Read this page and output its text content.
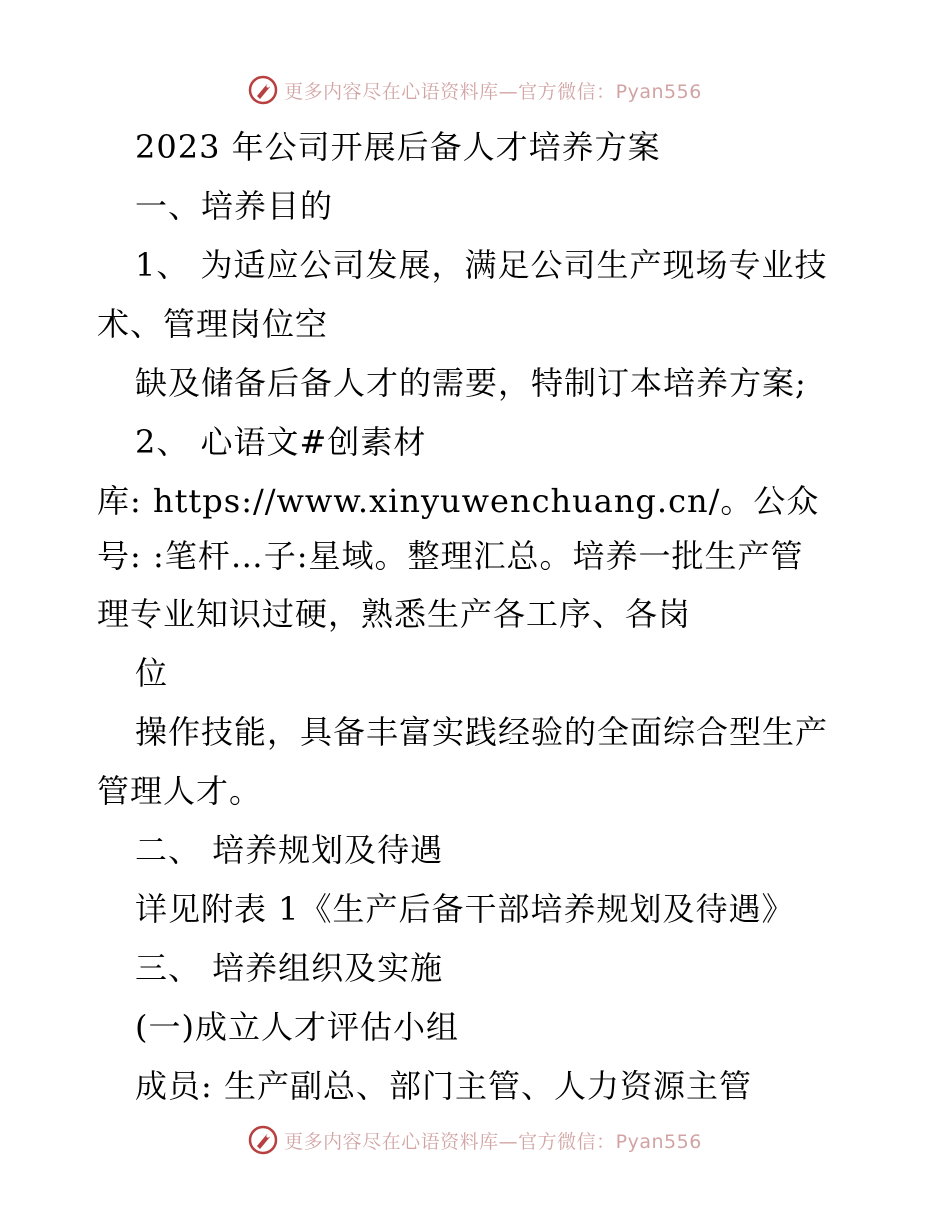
更多内容尽在心语资料库—官方微信：Pyan556
2023 年公司开展后备人才培养方案
一、培养目的
1、 为适应公司发展，满足公司生产现场专业技
术、管理岗位空
缺及储备后备人才的需要，特制订本培养方案;
2、 心语文#创素材
库: https://www.xinyuwenchuang.cn/。公众
号: :笔杆…子:星域。整理汇总。培养一批生产管
理专业知识过硬，熟悉生产各工序、各岗
位
操作技能，具备丰富实践经验的全面综合型生产
管理人才。
二、 培养规划及待遇
详见附表 1《生产后备干部培养规划及待遇》
三、 培养组织及实施
(一)成立人才评估小组
成员: 生产副总、部门主管、人力资源主管
更多内容尽在心语资料库—官方微信：Pyan556
